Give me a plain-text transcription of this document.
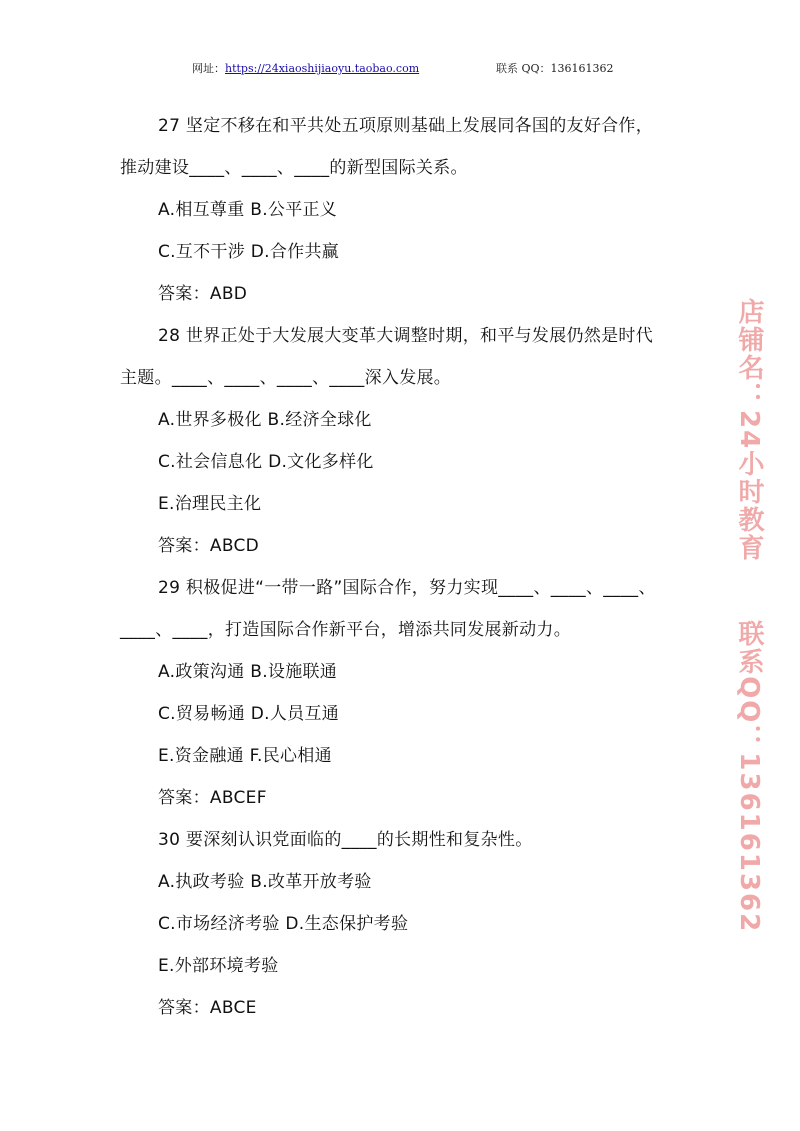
网址：https://24xiaoshijiaoyu.taobao.com	联系 QQ：136161362
27 坚定不移在和平共处五项原则基础上发展同各国的友好合作，
推动建设____、____、____的新型国际关系。
A.相互尊重 B.公平正义
C.互不干涉 D.合作共赢
答案：ABD
28 世界正处于大发展大变革大调整时期，和平与发展仍然是时代
主题。____、____、____、____深入发展。
A.世界多极化 B.经济全球化
C.社会信息化 D.文化多样化
E.治理民主化
答案：ABCD
29 积极促进“一带一路”国际合作，努力实现____、____、____、
____、____，打造国际合作新平台，增添共同发展新动力。
A.政策沟通 B.设施联通
C.贸易畅通 D.人员互通
E.资金融通 F.民心相通
答案：ABCEF
30 要深刻认识党面临的____的长期性和复杂性。
A.执政考验 B.改革开放考验
C.市场经济考验 D.生态保护考验
E.外部环境考验
答案：ABCE
店铺名：24小时教育联系QQ：136161362
